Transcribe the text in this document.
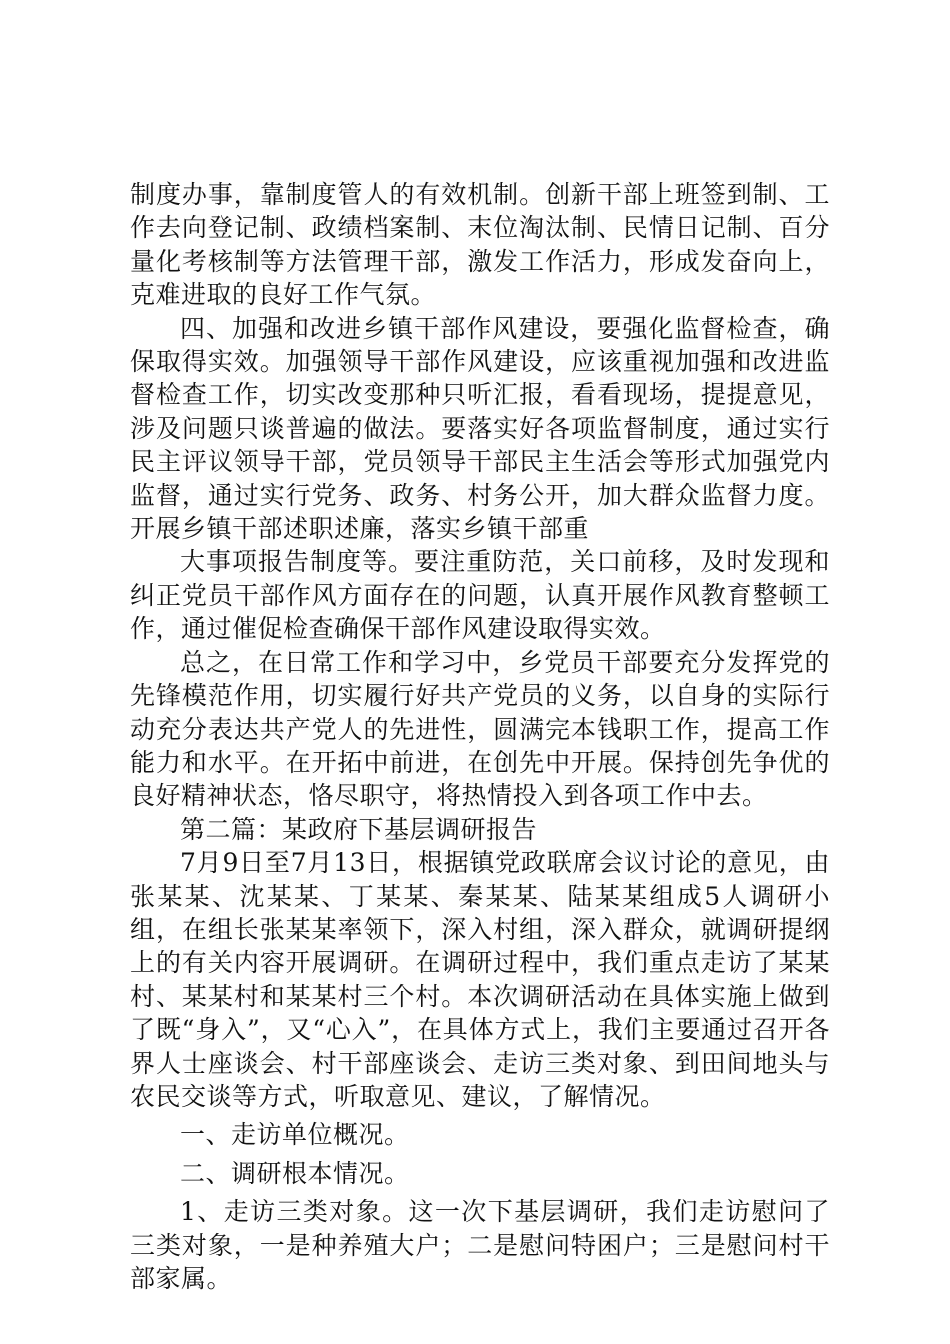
制度办事，靠制度管人的有效机制。创新干部上班签到制、工作去向登记制、政绩档案制、末位淘汰制、民情日记制、百分量化考核制等方法管理干部，激发工作活力，形成发奋向上，克难进取的良好工作气氛。

四、加强和改进乡镇干部作风建设，要强化监督检查，确保取得实效。加强领导干部作风建设，应该重视加强和改进监督检查工作，切实改变那种只听汇报，看看现场，提提意见，涉及问题只谈普遍的做法。要落实好各项监督制度，通过实行民主评议领导干部，党员领导干部民主生活会等形式加强党内监督，通过实行党务、政务、村务公开，加大群众监督力度。开展乡镇干部述职述廉，落实乡镇干部重

大事项报告制度等。要注重防范，关口前移，及时发现和纠正党员干部作风方面存在的问题，认真开展作风教育整顿工作，通过催促检查确保干部作风建设取得实效。

总之，在日常工作和学习中，乡党员干部要充分发挥党的先锋模范作用，切实履行好共产党员的义务，以自身的实际行动充分表达共产党人的先进性，圆满完本钱职工作，提高工作能力和水平。在开拓中前进，在创先中开展。保持创先争优的良好精神状态，恪尽职守，将热情投入到各项工作中去。

第二篇：某政府下基层调研报告

7月9日至7月13日，根据镇党政联席会议讨论的意见，由张某某、沈某某、丁某某、秦某某、陆某某组成5人调研小组，在组长张某某率领下，深入村组，深入群众，就调研提纲上的有关内容开展调研。在调研过程中，我们重点走访了某某村、某某村和某某村三个村。本次调研活动在具体实施上做到了既“身入”，又“心入”，在具体方式上，我们主要通过召开各界人士座谈会、村干部座谈会、走访三类对象、到田间地头与农民交谈等方式，听取意见、建议，了解情况。

一、走访单位概况。

二、调研根本情况。

1、走访三类对象。这一次下基层调研，我们走访慰问了三类对象，一是种养殖大户；二是慰问特困户；三是慰问村干部家属。
